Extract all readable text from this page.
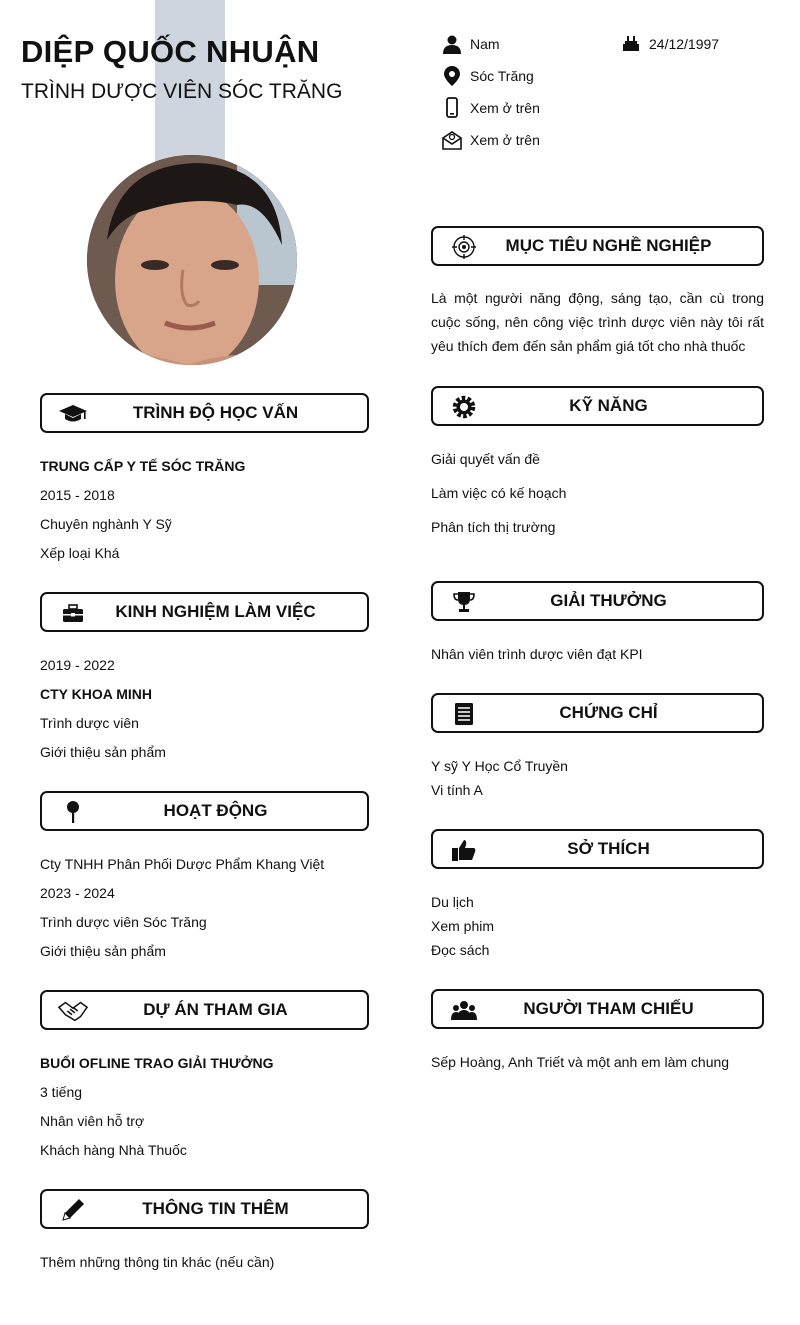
DIỆP QUỐC NHUẬN
TRÌNH DƯỢC VIÊN SÓC TRĂNG
Nam	24/12/1997
Sóc Trăng
Xem ở trên
Xem ở trên
TRÌNH ĐỘ HỌC VẤN

TRUNG CẤP Y TẾ SÓC TRĂNG

2015 - 2018

Chuyên nghành Y Sỹ

Xếp loại Khá

KINH NGHIỆM LÀM VIỆC

2019 - 2022

CTY KHOA MINH

Trình dược viên

Giới thiệu sản phẩm

HOẠT ĐỘNG

Cty TNHH Phân Phối Dược Phẩm Khang Việt

2023 - 2024

Trình dược viên Sóc Trăng

Giới thiệu sản phẩm

DỰ ÁN THAM GIA

BUỔI OFLINE TRAO GIẢI THƯỞNG

3 tiếng

Nhân viên hỗ trợ

Khách hàng Nhà Thuốc

THÔNG TIN THÊM

Thêm những thông tin khác (nếu cần)

MỤC TIÊU NGHỀ NGHIỆP

Là một người năng động, sáng tạo, cần cù trong cuộc sống, nên công việc trình dược viên này tôi rất yêu thích đem đến sản phẩm giá tốt cho nhà thuốc

KỸ NĂNG

Giải quyết vấn đề

Làm việc có kế hoạch

Phân tích thị trường

GIẢI THƯỞNG

Nhân viên trình dược viên đạt KPI

CHỨNG CHỈ

Y sỹ Y Học Cổ Truyền

Vi tính A

SỞ THÍCH

Du lịch

Xem phim

Đọc sách

NGƯỜI THAM CHIẾU

Sếp Hoàng, Anh Triết và một anh em làm chung
